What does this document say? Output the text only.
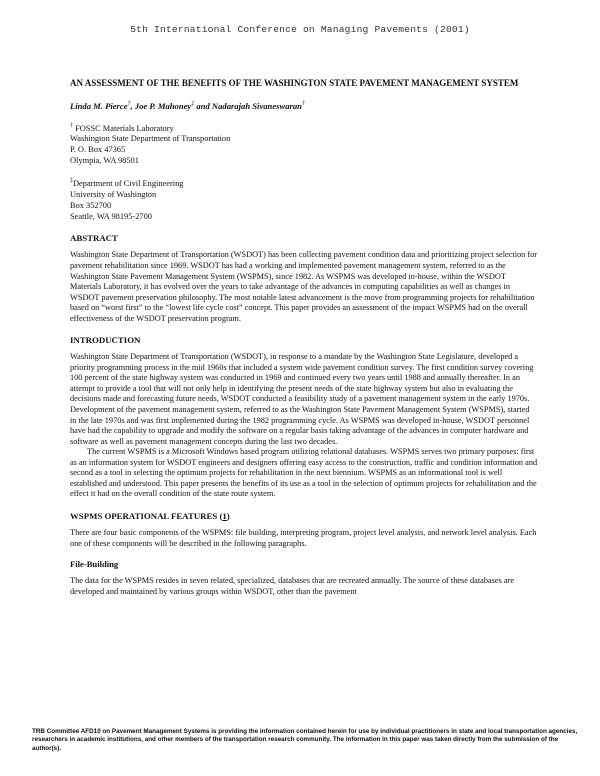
5th International Conference on Managing Pavements (2001)
AN ASSESSMENT OF THE BENEFITS OF THE WASHINGTON STATE PAVEMENT MANAGEMENT SYSTEM
Linda M. Pierce†, Joe P. Mahoney‡ and Nadarajah Sivaneswaran†
† FOSSC Materials Laboratory
Washington State Department of Transportation
P. O. Box 47365
Olympia, WA 98501
‡Department of Civil Engineering
University of Washington
Box 352700
Seattle, WA 98195-2700
ABSTRACT

Washington State Department of Transportation (WSDOT) has been collecting pavement condition data and prioritizing project selection for pavement rehabilitation since 1969. WSDOT has had a working and implemented pavement management system, referred to as the Washington State Pavement Management System (WSPMS), since 1982. As WSPMS was developed in-house, within the WSDOT Materials Laboratory, it has evolved over the years to take advantage of the advances in computing capabilities as well as changes in WSDOT pavement preservation philosophy. The most notable latest advancement is the move from programming projects for rehabilitation based on “worst first” to the “lowest life cycle cost” concept. This paper provides an assessment of the impact WSPMS had on the overall effectiveness of the WSDOT preservation program.

INTRODUCTION

Washington State Department of Transportation (WSDOT), in response to a mandate by the Washington State Legislature, developed a priority programming process in the mid 1960s that included a system wide pavement condition survey. The first condition survey covering 100 percent of the state highway system was conducted in 1969 and continued every two years until 1988 and annually thereafter. In an attempt to provide a tool that will not only help in identifying the present needs of the state highway system but also in evaluating the decisions made and forecasting future needs, WSDOT conducted a feasibility study of a pavement management system in the early 1970s. Development of the pavement management system, referred to as the Washington State Pavement Management System (WSPMS), started in the late 1970s and was first implemented during the 1982 programming cycle. As WSPMS was developed in-house, WSDOT personnel have had the capability to upgrade and modify the software on a regular basis taking advantage of the advances in computer hardware and software as well as pavement management concepts during the last two decades.

The current WSPMS is a Microsoft Windows based program utilizing relational databases. WSPMS serves two primary purposes: first as an information system for WSDOT engineers and designers offering easy access to the construction, traffic and condition information and second as a tool in selecting the optimum projects for rehabilitation in the next biennium. WSPMS as an informational tool is well established and understood. This paper presents the benefits of its use as a tool in the selection of optimum projects for rehabilitation and the effect it had on the overall condition of the state route system.

WSPMS OPERATIONAL FEATURES (1)

There are four basic components of the WSPMS: file building, interpreting program, project level analysis, and network level analysis. Each one of these components will be described in the following paragraphs.

File-Building

The data for the WSPMS resides in seven related, specialized, databases that are recreated annually. The source of these databases are developed and maintained by various groups within WSDOT, other than the pavement

TRB Committee AFD10 on Pavement Management Systems is providing the information contained herein for use by individual practitioners in state and local transportation agencies, researchers in academic institutions, and other members of the transportation research community. The information in this paper was taken directly from the submission of the author(s).
